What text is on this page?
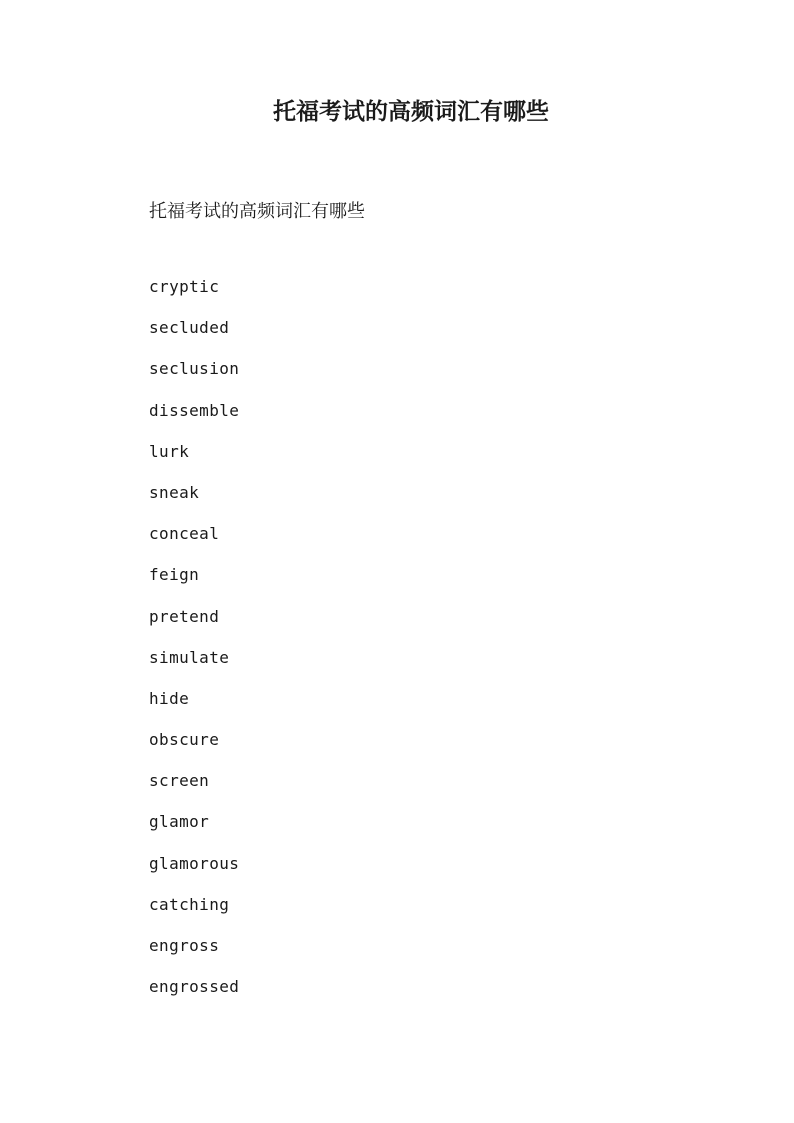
托福考试的高频词汇有哪些

托福考试的高频词汇有哪些

cryptic
secluded
seclusion
dissemble
lurk
sneak
conceal
feign
pretend
simulate
hide
obscure
screen
glamor
glamorous
catching
engross
engrossed
